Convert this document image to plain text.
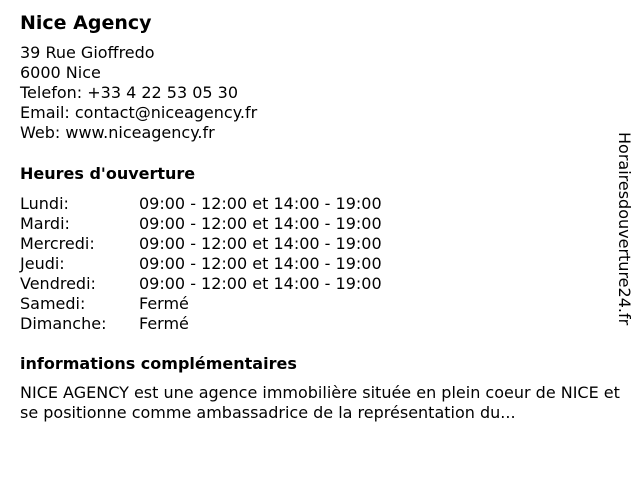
Nice Agency
39 Rue Gioffredo
6000 Nice
Telefon: +33 4 22 53 05 30
Email: contact@niceagency.fr
Web: www.niceagency.fr
Heures d'ouverture
Lundi:	09:00 - 12:00 et 14:00 - 19:00
Mardi:	09:00 - 12:00 et 14:00 - 19:00
Mercredi:	09:00 - 12:00 et 14:00 - 19:00
Jeudi:	09:00 - 12:00 et 14:00 - 19:00
Vendredi:	09:00 - 12:00 et 14:00 - 19:00
Samedi:	Fermé
Dimanche: Fermé
informations complémentaires
NICE AGENCY est une agence immobilière située en plein coeur de NICE et se positionne comme ambassadrice de la représentation du...
Horairesdouverture24.fr
